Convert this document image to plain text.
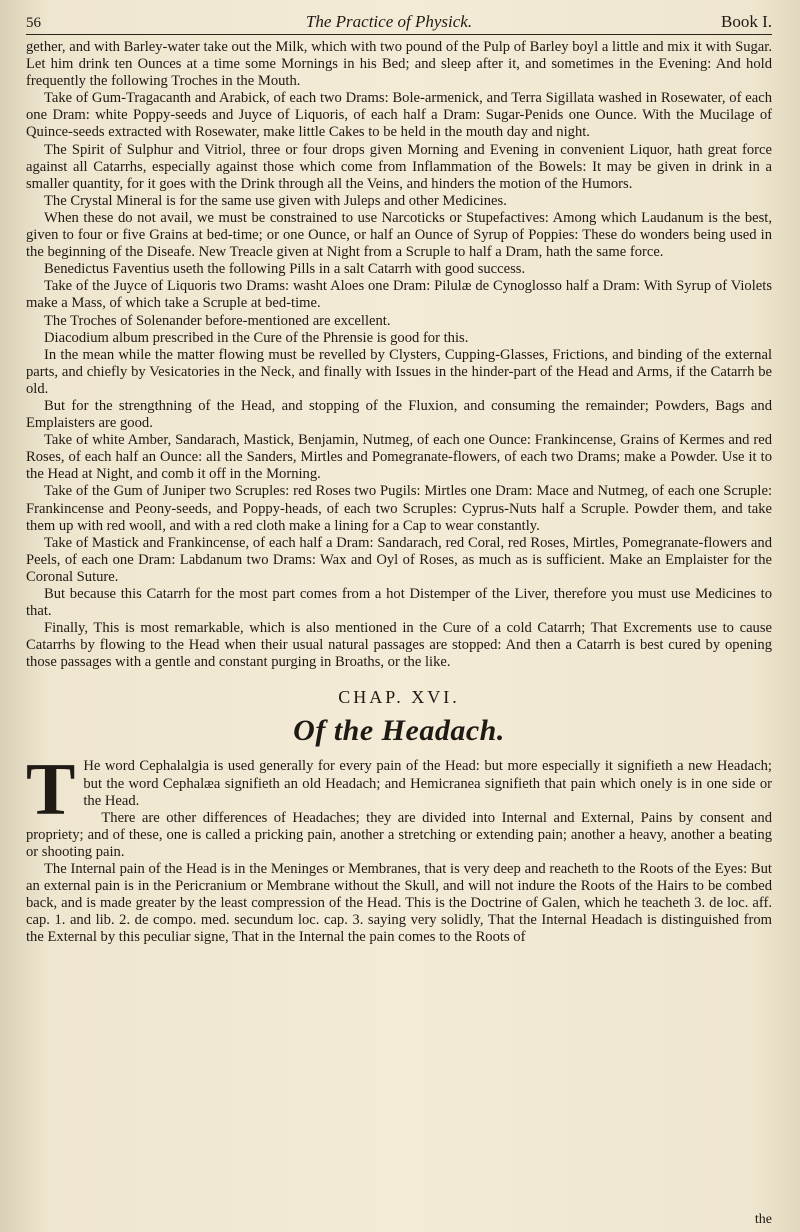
56	The Practice of Physick.	Book I.

gether, and with Barley-water take out the Milk, which with two pound of the Pulp of Barley boyl a little and mix it with Sugar. Let him drink ten Ounces at a time some Mornings in his Bed; and sleep after it, and sometimes in the Evening: And hold frequently the following Troches in the Mouth.

Take of Gum-Tragacanth and Arabick, of each two Drams: Bole-armenick, and Terra Sigillata washed in Rosewater, of each one Dram: white Poppy-seeds and Juyce of Liquoris, of each half a Dram: Sugar-Penids one Ounce. With the Mucilage of Quince-seeds extracted with Rosewater, make little Cakes to be held in the mouth day and night.

The Spirit of Sulphur and Vitriol, three or four drops given Morning and Evening in convenient Liquor, hath great force against all Catarrhs, especially against those which come from Inflammation of the Bowels: It may be given in drink in a smaller quantity, for it goes with the Drink through all the Veins, and hinders the motion of the Humors.

The Crystal Mineral is for the same use given with Juleps and other Medicines.

When these do not avail, we must be constrained to use Narcoticks or Stupefactives: Among which Laudanum is the best, given to four or five Grains at bed-time; or one Ounce, or half an Ounce of Syrup of Poppies: These do wonders being used in the beginning of the Diseafe. New Treacle given at Night from a Scruple to half a Dram, hath the same force.

Benedictus Faventius useth the following Pills in a salt Catarrh with good success.

Take of the Juyce of Liquoris two Drams: washt Aloes one Dram: Pilulæ de Cynoglosso half a Dram: With Syrup of Violets make a Mass, of which take a Scruple at bed-time.

The Troches of Solenander before-mentioned are excellent.

Diacodium album prescribed in the Cure of the Phrensie is good for this.

In the mean while the matter flowing must be revelled by Clysters, Cupping-Glasses, Frictions, and binding of the external parts, and chiefly by Vesicatories in the Neck, and finally with Issues in the hinder-part of the Head and Arms, if the Catarrh be old.

But for the strengthning of the Head, and stopping of the Fluxion, and consuming the remainder; Powders, Bags and Emplaisters are good.

Take of white Amber, Sandarach, Mastick, Benjamin, Nutmeg, of each one Ounce: Frankincense, Grains of Kermes and red Roses, of each half an Ounce: all the Sanders, Mirtles and Pomegranate-flowers, of each two Drams; make a Powder. Use it to the Head at Night, and comb it off in the Morning.

Take of the Gum of Juniper two Scruples: red Roses two Pugils: Mirtles one Dram: Mace and Nutmeg, of each one Scruple: Frankincense and Peony-seeds, and Poppy-heads, of each two Scruples: Cyprus-Nuts half a Scruple. Powder them, and take them up with red wooll, and with a red cloth make a lining for a Cap to wear constantly.

Take of Mastick and Frankincense, of each half a Dram: Sandarach, red Coral, red Roses, Mirtles, Pomegranate-flowers and Peels, of each one Dram: Labdanum two Drams: Wax and Oyl of Roses, as much as is sufficient. Make an Emplaister for the Coronal Suture.

But because this Catarrh for the most part comes from a hot Distemper of the Liver, therefore you must use Medicines to that.

Finally, This is most remarkable, which is also mentioned in the Cure of a cold Catarrh; That Excrements use to cause Catarrhs by flowing to the Head when their usual natural passages are stopped: And then a Catarrh is best cured by opening those passages with a gentle and constant purging in Broaths, or the like.

CHAP. XVI.
Of the Headach.

T He word Cephalalgia is used generally for every pain of the Head: but more especially it signifieth a new Headach; but the word Cephalæa signifieth an old Headach; and Hemicranea signifieth that pain which onely is in one side or the Head.

There are other differences of Headaches; they are divided into Internal and External, Pains by consent and propriety; and of these, one is called a pricking pain, another a stretching or extending pain; another a heavy, another a beating or shooting pain.

The Internal pain of the Head is in the Meninges or Membranes, that is very deep and reacheth to the Roots of the Eyes: But an external pain is in the Pericranium or Membrane without the Skull, and will not indure the Roots of the Hairs to be combed back, and is made greater by the least compression of the Head. This is the Doctrine of Galen, which he teacheth 3. de loc. aff. cap. 1. and lib. 2. de compo. med. secundum loc. cap. 3. saying very solidly, That the Internal Headach is distinguished from the External by this peculiar signe, That in the Internal the pain comes to the Roots of

the
